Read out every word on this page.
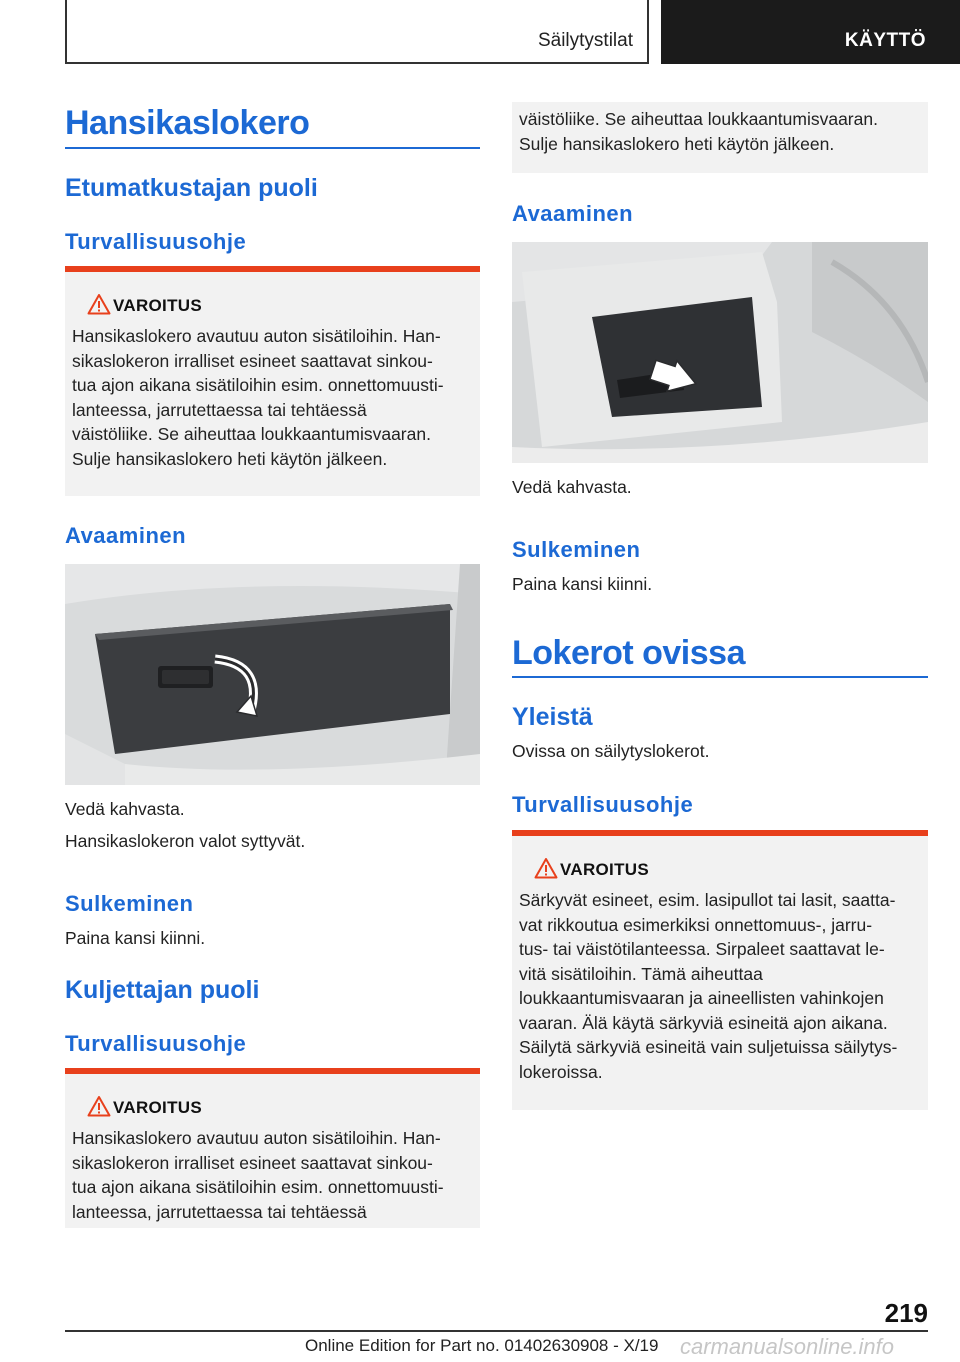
Säilytystilat	KÄYTTÖ
Hansikaslokero
Etumatkustajan puoli
Turvallisuusohje
VAROITUS
Hansikaslokero avautuu auton sisätiloihin. Han-
sikaslokeron irralliset esineet saattavat sinkou-
tua ajon aikana sisätiloihin esim. onnettomuusti-
lanteessa, jarrutettaessa tai tehtäessä
väistöliike. Se aiheuttaa loukkaantumisvaaran.
Sulje hansikaslokero heti käytön jälkeen.
Avaaminen
Vedä kahvasta.
Hansikaslokeron valot syttyvät.
Sulkeminen
Paina kansi kiinni.
Kuljettajan puoli
Turvallisuusohje
VAROITUS
Hansikaslokero avautuu auton sisätiloihin. Han-
sikaslokeron irralliset esineet saattavat sinkou-
tua ajon aikana sisätiloihin esim. onnettomuusti-
lanteessa, jarrutettaessa tai tehtäessä
väistöliike. Se aiheuttaa loukkaantumisvaaran.
Sulje hansikaslokero heti käytön jälkeen.
Avaaminen
Vedä kahvasta.
Sulkeminen
Paina kansi kiinni.
Lokerot ovissa
Yleistä
Ovissa on säilytyslokerot.
Turvallisuusohje
VAROITUS
Särkyvät esineet, esim. lasipullot tai lasit, saatta-
vat rikkoutua esimerkiksi onnettomuus-, jarru-
tus- tai väistötilanteessa. Sirpaleet saattavat le-
vitä sisätiloihin. Tämä aiheuttaa
loukkaantumisvaaran ja aineellisten vahinkojen
vaaran. Älä käytä särkyviä esineitä ajon aikana.
Säilytä särkyviä esineitä vain suljetuissa säilytys-
lokeroissa.
219
Online Edition for Part no. 01402630908 - X/19 carmanualsonline.info
